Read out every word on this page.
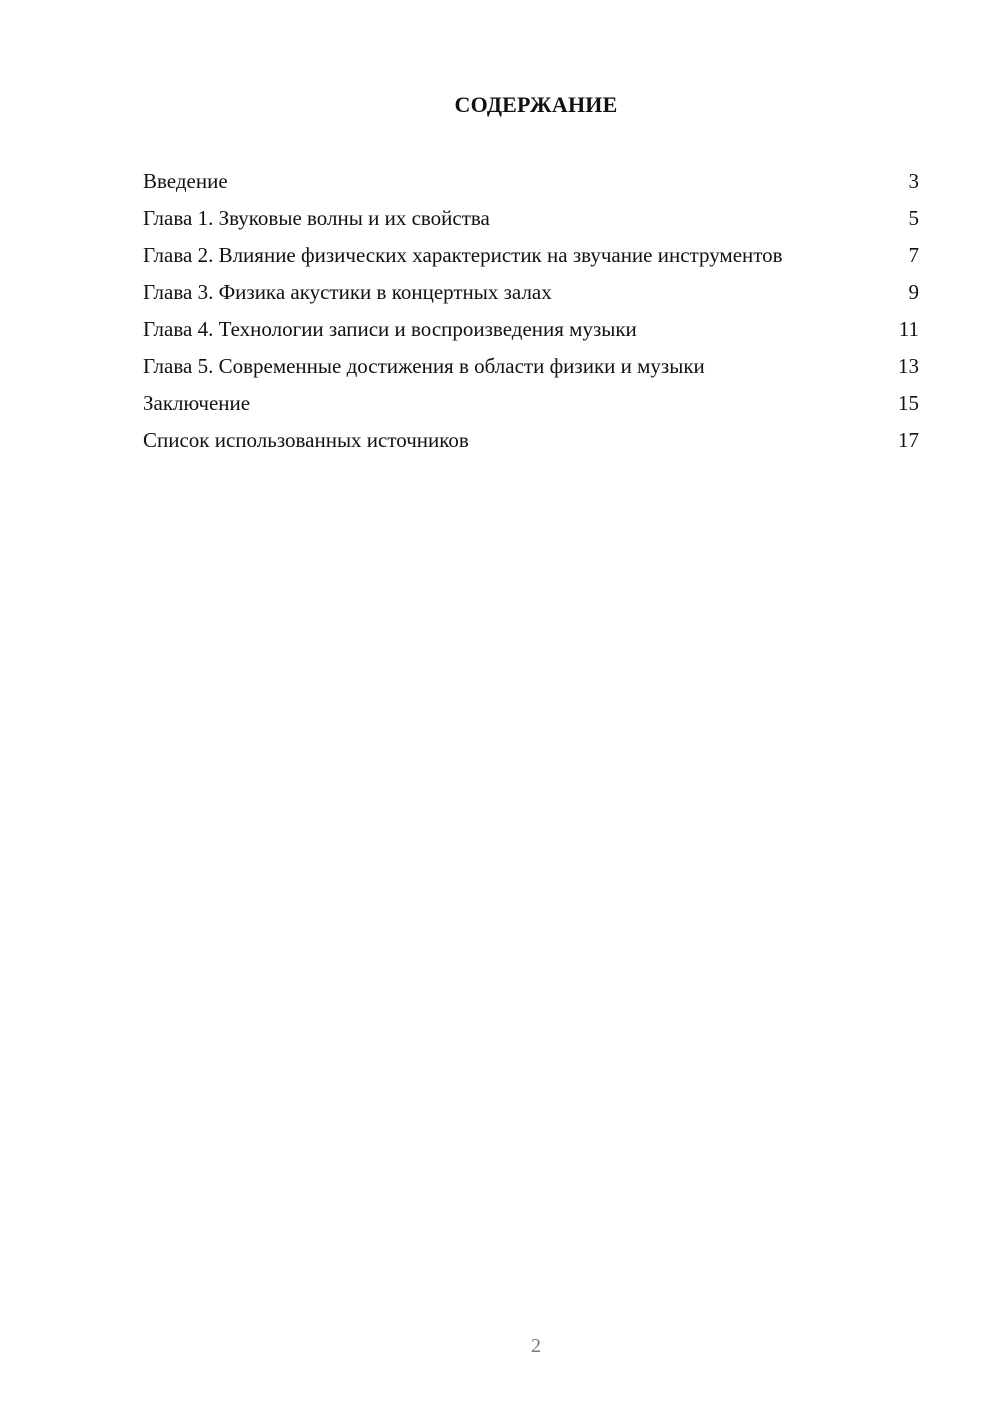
СОДЕРЖАНИЕ
Введение	3
Глава 1. Звуковые волны и их свойства	5
Глава 2. Влияние физических характеристик на звучание инструментов	7
Глава 3. Физика акустики в концертных залах	9
Глава 4. Технологии записи и воспроизведения музыки	11
Глава 5. Современные достижения в области физики и музыки	13
Заключение	15
Список использованных источников	17
2
